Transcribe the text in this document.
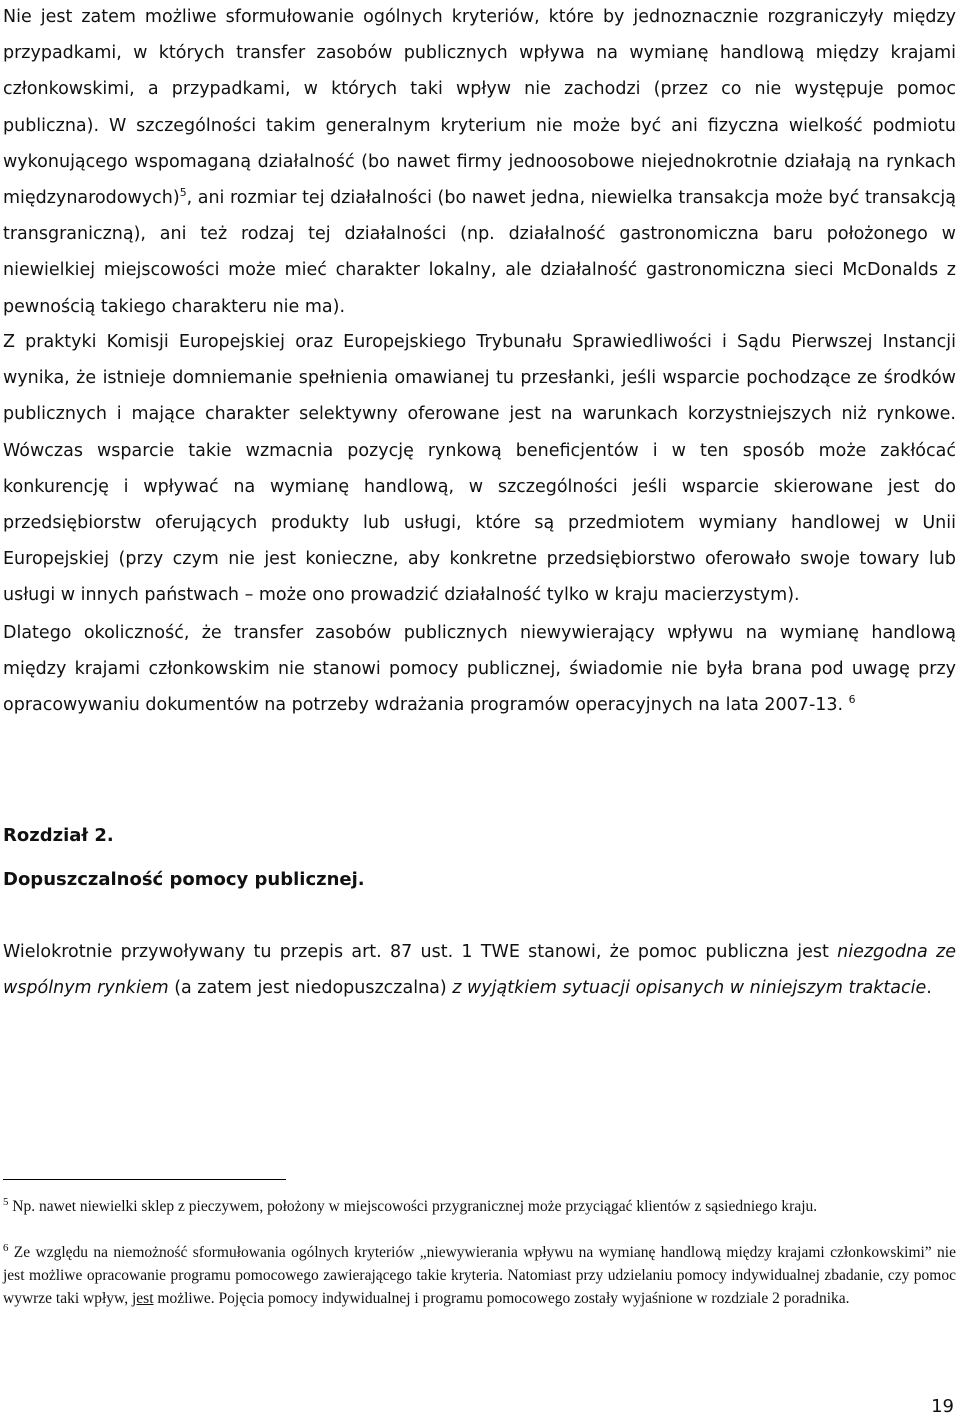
Nie jest zatem możliwe sformułowanie ogólnych kryteriów, które by jednoznacznie rozgraniczyły między przypadkami, w których transfer zasobów publicznych wpływa na wymianę handlową między krajami członkowskimi, a przypadkami, w których taki wpływ nie zachodzi (przez co nie występuje pomoc publiczna). W szczególności takim generalnym kryterium nie może być ani fizyczna wielkość podmiotu wykonującego wspomaganą działalność (bo nawet firmy jednoosobowe niejednokrotnie działają na rynkach międzynarodowych)$^5$, ani rozmiar tej działalności (bo nawet jedna, niewielka transakcja może być transakcją transgraniczną), ani też rodzaj tej działalności (np. działalność gastronomiczna baru położonego w niewielkiej miejscowości może mieć charakter lokalny, ale działalność gastronomiczna sieci McDonalds z pewnością takiego charakteru nie ma).

Z praktyki Komisji Europejskiej oraz Europejskiego Trybunału Sprawiedliwości i Sądu Pierwszej Instancji wynika, że istnieje domniemanie spełnienia omawianej tu przesłanki, jeśli wsparcie pochodzące ze środków publicznych i mające charakter selektywny oferowane jest na warunkach korzystniejszych niż rynkowe. Wówczas wsparcie takie wzmacnia pozycję rynkową beneficjentów i w ten sposób może zakłócać konkurencję i wpływać na wymianę handlową, w szczególności jeśli wsparcie skierowane jest do przedsiębiorstw oferujących produkty lub usługi, które są przedmiotem wymiany handlowej w Unii Europejskiej (przy czym nie jest konieczne, aby konkretne przedsiębiorstwo oferowało swoje towary lub usługi w innych państwach – może ono prowadzić działalność tylko w kraju macierzystym).

Dlatego okoliczność, że transfer zasobów publicznych niewywierający wpływu na wymianę handlową między krajami członkowskim nie stanowi pomocy publicznej, świadomie nie była brana pod uwagę przy opracowywaniu dokumentów na potrzeby wdrażania programów operacyjnych na lata 2007-13. $^6$

Rozdział 2.
Dopuszczalność pomocy publicznej.

Wielokrotnie przywoływany tu przepis art. 87 ust. 1 TWE stanowi, że pomoc publiczna jest niezgodna ze wspólnym rynkiem (a zatem jest niedopuszczalna) z wyjątkiem sytuacji opisanych w niniejszym traktacie.

$^5$ Np. nawet niewielki sklep z pieczywem, położony w miejscowości przygranicznej może przyciągać klientów z sąsiedniego kraju.

$^6$ Ze względu na niemożność sformułowania ogólnych kryteriów „niewywierania wpływu na wymianę handlową między krajami członkowskimi” nie jest możliwe opracowanie programu pomocowego zawierającego takie kryteria. Natomiast przy udzielaniu pomocy indywidualnej zbadanie, czy pomoc wywrze taki wpływ, jest możliwe. Pojęcia pomocy indywidualnej i programu pomocowego zostały wyjaśnione w rozdziale 2 poradnika.

19
